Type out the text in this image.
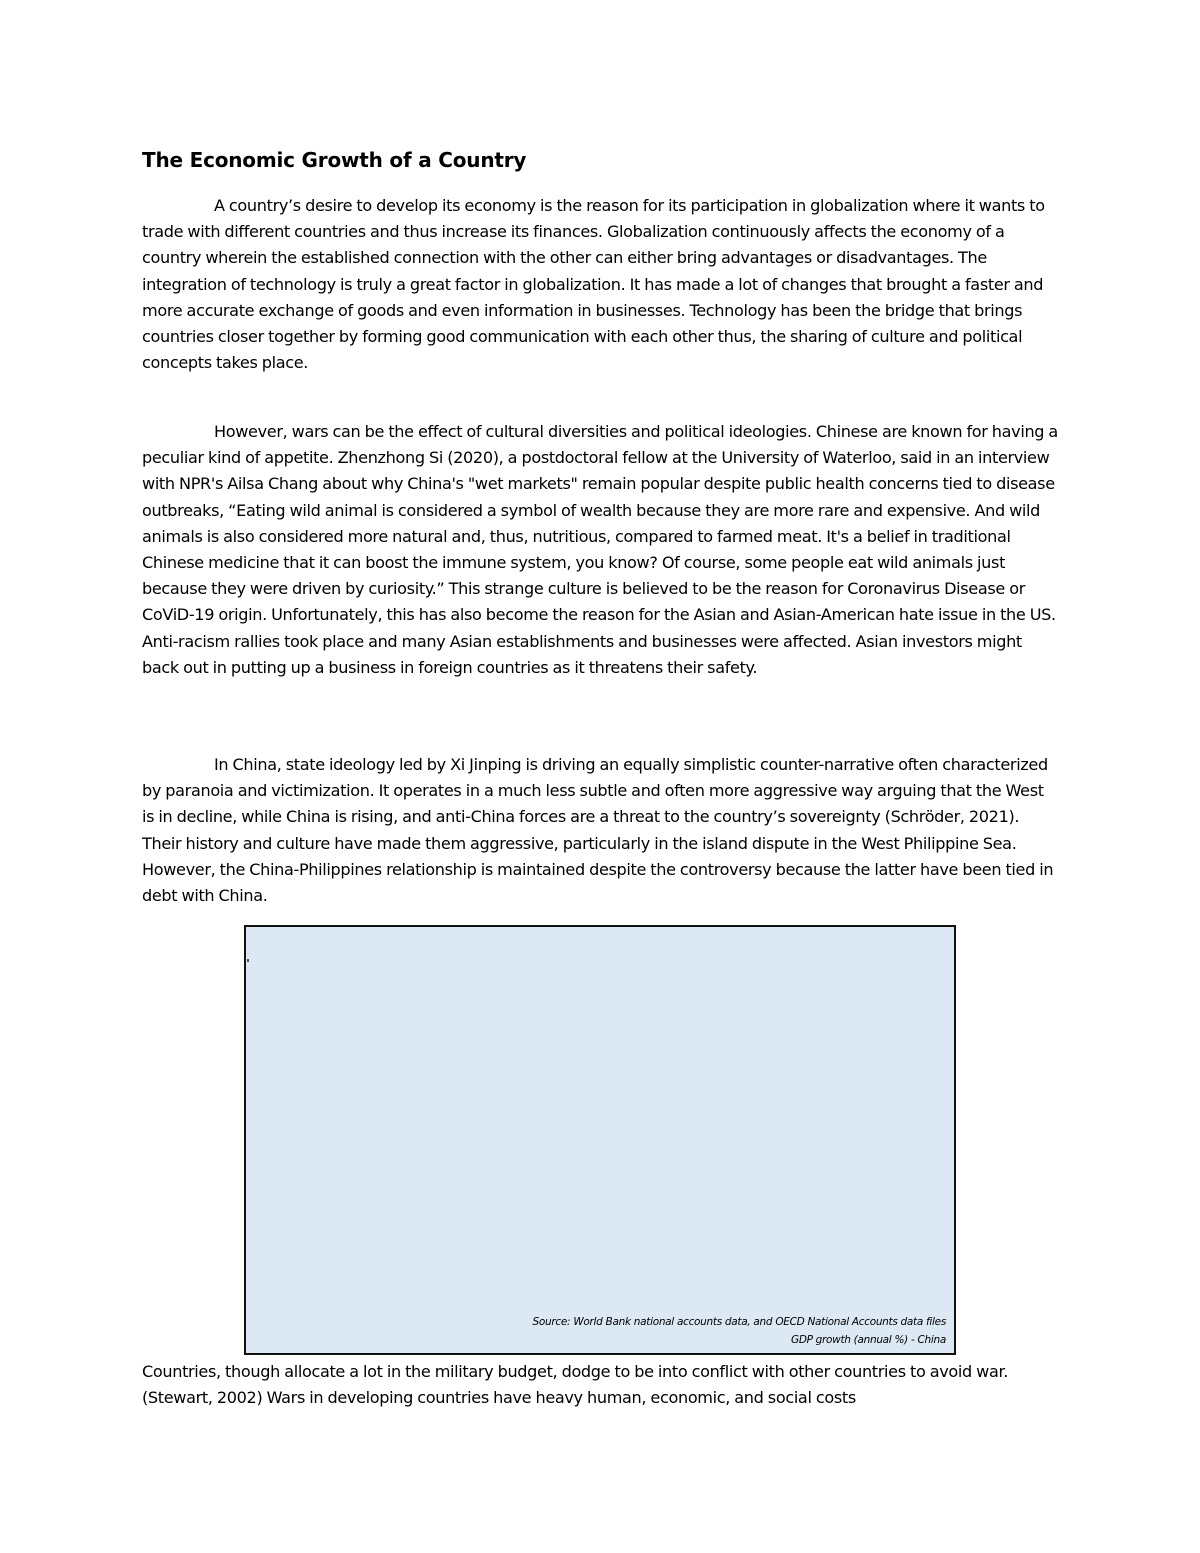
The Economic Growth of a Country

A country’s desire to develop its economy is the reason for its participation in globalization where it wants to trade with different countries and thus increase its finances. Globalization continuously affects the economy of a country wherein the established connection with the other can either bring advantages or disadvantages. The integration of technology is truly a great factor in globalization. It has made a lot of changes that brought a faster and more accurate exchange of goods and even information in businesses. Technology has been the bridge that brings countries closer together by forming good communication with each other thus, the sharing of culture and political concepts takes place.

However, wars can be the effect of cultural diversities and political ideologies. Chinese are known for having a peculiar kind of appetite. Zhenzhong Si (2020), a postdoctoral fellow at the University of Waterloo, said in an interview with NPR's Ailsa Chang about why China's "wet markets" remain popular despite public health concerns tied to disease outbreaks, “Eating wild animal is considered a symbol of wealth because they are more rare and expensive. And wild animals is also considered more natural and, thus, nutritious, compared to farmed meat. It's a belief in traditional Chinese medicine that it can boost the immune system, you know? Of course, some people eat wild animals just because they were driven by curiosity.” This strange culture is believed to be the reason for Coronavirus Disease or CoViD-19 origin. Unfortunately, this has also become the reason for the Asian and Asian-American hate issue in the US. Anti-racism rallies took place and many Asian establishments and businesses were affected. Asian investors might back out in putting up a business in foreign countries as it threatens their safety.

In China, state ideology led by Xi Jinping is driving an equally simplistic counter-narrative often characterized by paranoia and victimization. It operates in a much less subtle and often more aggressive way arguing that the West is in decline, while China is rising, and anti-China forces are a threat to the country’s sovereignty (Schröder, 2021). Their history and culture have made them aggressive, particularly in the island dispute in the West Philippine Sea. However, the China-Philippines relationship is maintained despite the controversy because the latter have been tied in debt with China.

Source: World Bank national accounts data, and OECD National Accounts data files
GDP growth (annual %) - China

Countries, though allocate a lot in the military budget, dodge to be into conflict with other countries to avoid war. (Stewart, 2002) Wars in developing countries have heavy human, economic, and social costs
